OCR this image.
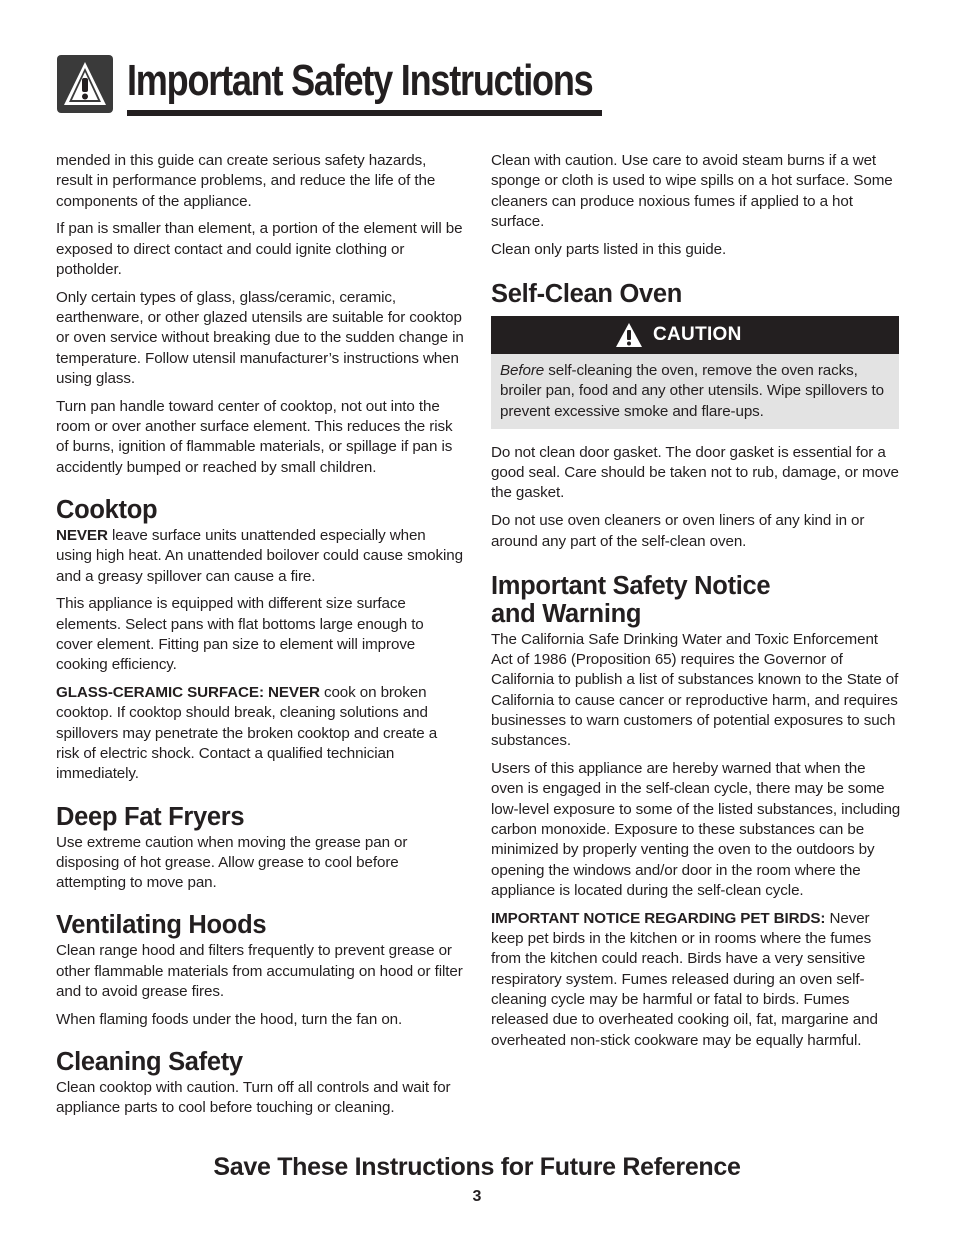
Important Safety Instructions

mended in this guide can create serious safety hazards, result in performance problems, and reduce the life of the components of the appliance.

If pan is smaller than element, a portion of the element will be exposed to direct contact and could ignite clothing or potholder.

Only certain types of glass, glass/ceramic, ceramic, earthenware, or other glazed utensils are suitable for cooktop or oven service without breaking due to the sudden change in temperature. Follow utensil manufacturer’s instructions when using glass.

Turn pan handle toward center of cooktop, not out into the room or over another surface element. This reduces the risk of burns, ignition of flammable materials, or spillage if pan is accidently bumped or reached by small children.

Cooktop

NEVER leave surface units unattended especially when using high heat. An unattended boilover could cause smoking and a greasy spillover can cause a fire.

This appliance is equipped with different size surface elements. Select pans with flat bottoms large enough to cover element. Fitting pan size to element will improve cooking efficiency.

GLASS-CERAMIC SURFACE: NEVER cook on broken cooktop. If cooktop should break, cleaning solutions and spillovers may penetrate the broken cooktop and create a risk of electric shock. Contact a qualified technician immediately.

Deep Fat Fryers

Use extreme caution when moving the grease pan or disposing of hot grease. Allow grease to cool before attempting to move pan.

Ventilating Hoods

Clean range hood and filters frequently to prevent grease or other flammable materials from accumulating on hood or filter and to avoid grease fires.

When flaming foods under the hood, turn the fan on.

Cleaning Safety

Clean cooktop with caution. Turn off all controls and wait for appliance parts to cool before touching or cleaning.

Clean with caution. Use care to avoid steam burns if a wet sponge or cloth is used to wipe spills on a hot surface. Some cleaners can produce noxious fumes if applied to a hot surface.

Clean only parts listed in this guide.

Self-Clean Oven
CAUTION

Before self-cleaning the oven, remove the oven racks, broiler pan, food and any other utensils. Wipe spillovers to prevent excessive smoke and flare-ups.

Do not clean door gasket. The door gasket is essential for a good seal. Care should be taken not to rub, damage, or move the gasket.

Do not use oven cleaners or oven liners of any kind in or around any part of the self-clean oven.

Important Safety Notice
and Warning

The California Safe Drinking Water and Toxic Enforcement Act of 1986 (Proposition 65) requires the Governor of California to publish a list of substances known to the State of California to cause cancer or reproductive harm, and requires businesses to warn customers of potential exposures to such substances.

Users of this appliance are hereby warned that when the oven is engaged in the self-clean cycle, there may be some low-level exposure to some of the listed substances, including carbon monoxide. Exposure to these substances can be minimized by properly venting the oven to the outdoors by opening the windows and/or door in the room where the appliance is located during the self-clean cycle.

IMPORTANT NOTICE REGARDING PET BIRDS: Never keep pet birds in the kitchen or in rooms where the fumes from the kitchen could reach. Birds have a very sensitive respiratory system. Fumes released during an oven self-cleaning cycle may be harmful or fatal to birds. Fumes released due to overheated cooking oil, fat, margarine and overheated non-stick cookware may be equally harmful.

Save These Instructions for Future Reference
3
